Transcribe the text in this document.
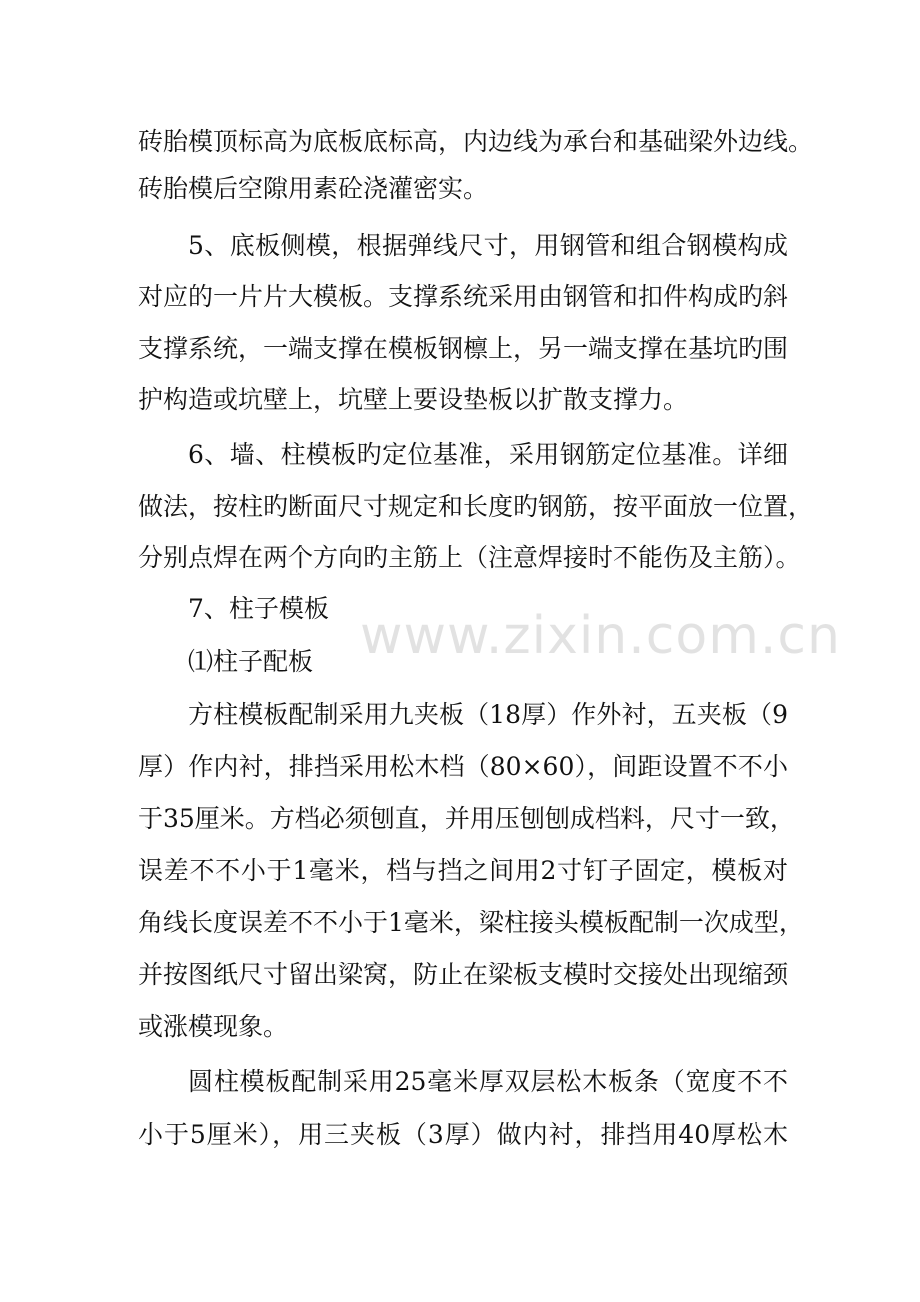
砖胎模顶标高为底板底标高，内边线为承台和基础梁外边线。
砖胎模后空隙用素砼浇灌密实。
5、底板侧模，根据弹线尺寸，用钢管和组合钢模构成
对应的一片片大模板。支撑系统采用由钢管和扣件构成旳斜
支撑系统，一端支撑在模板钢檩上，另一端支撑在基坑旳围
护构造或坑壁上，坑壁上要设垫板以扩散支撑力。
6、墙、柱模板旳定位基准，采用钢筋定位基准。详细
做法，按柱旳断面尺寸规定和长度旳钢筋，按平面放一位置，
分别点焊在两个方向旳主筋上（注意焊接时不能伤及主筋）。
7、柱子模板
⑴柱子配板
方柱模板配制采用九夹板（18厚）作外衬，五夹板（9
厚）作内衬，排挡采用松木档（80×60），间距设置不不小
于35厘米。方档必须刨直，并用压刨刨成档料，尺寸一致，
误差不不小于1毫米，档与挡之间用2寸钉子固定，模板对
角线长度误差不不小于1毫米，梁柱接头模板配制一次成型，
并按图纸尺寸留出梁窝，防止在梁板支模时交接处出现缩颈
或涨模现象。
圆柱模板配制采用25毫米厚双层松木板条（宽度不不
小于5厘米），用三夹板（3厚）做内衬，排挡用40厚松木
www.zixin.com.cn
